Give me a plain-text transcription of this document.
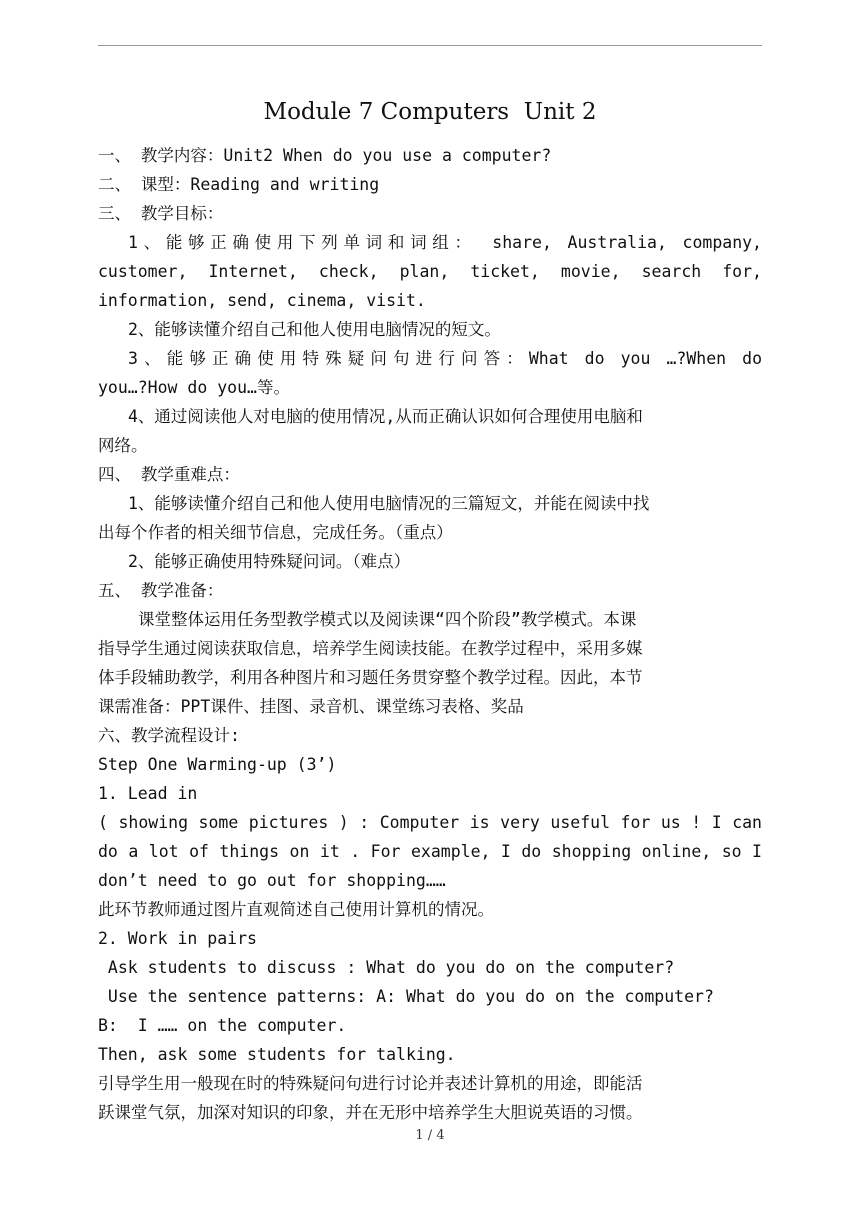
Module 7 Computers  Unit 2
一、 教学内容：Unit2 When do you use a computer?
二、 课型：Reading and writing
三、 教学目标：
1、能够正确使用下列单词和词组： share, Australia, company,
customer, Internet, check, plan, ticket, movie, search for,
information, send, cinema, visit.
2、能够读懂介绍自己和他人使用电脑情况的短文。
3、能够正确使用特殊疑问句进行问答：What do you …?When do
you…?How do you…等。
4、通过阅读他人对电脑的使用情况,从而正确认识如何合理使用电脑和
网络。
四、 教学重难点：
1、能够读懂介绍自己和他人使用电脑情况的三篇短文，并能在阅读中找
出每个作者的相关细节信息，完成任务。（重点）
2、能够正确使用特殊疑问词。（难点）
五、 教学准备：
课堂整体运用任务型教学模式以及阅读课“四个阶段”教学模式。本课
指导学生通过阅读获取信息，培养学生阅读技能。在教学过程中，采用多媒
体手段辅助教学，利用各种图片和习题任务贯穿整个教学过程。因此，本节
课需准备：PPT课件、挂图、录音机、课堂练习表格、奖品
六、教学流程设计:
Step One Warming-up (3’)
1. Lead in
( showing some pictures ) : Computer is very useful for us ! I can
do a lot of things on it . For example, I do shopping online, so I
don’t need to go out for shopping……
此环节教师通过图片直观简述自己使用计算机的情况。
2. Work in pairs
Ask students to discuss : What do you do on the computer?
Use the sentence patterns: A: What do you do on the computer?
B:  I …… on the computer.
Then, ask some students for talking.
引导学生用一般现在时的特殊疑问句进行讨论并表述计算机的用途，即能活
跃课堂气氛，加深对知识的印象，并在无形中培养学生大胆说英语的习惯。
1 / 4
